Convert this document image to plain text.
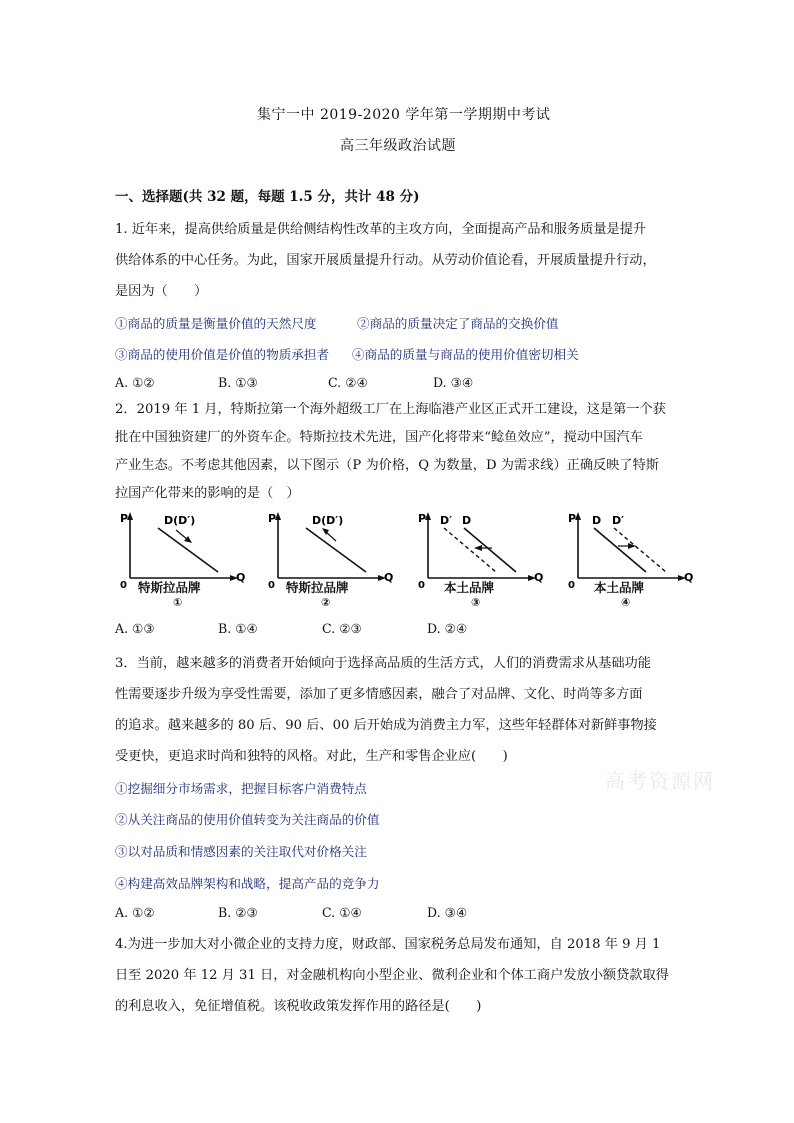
集宁一中 2019-2020 学年第一学期期中考试
高三年级政治试题
一、选择题(共 32 题，每题 1.5 分，共计 48 分)
1. 近年来，提高供给质量是供给侧结构性改革的主攻方向，全面提高产品和服务质量是提升
供给体系的中心任务。为此，国家开展质量提升行动。从劳动价值论看，开展质量提升行动，
是因为（　　）
①商品的质量是衡量价值的天然尺度	②商品的质量决定了商品的交换价值
③商品的使用价值是价值的物质承担者 ④商品的质量与商品的使用价值密切相关
A. ①②	B. ①③	C. ②④	D. ③④
2．2019 年 1 月，特斯拉第一个海外超级工厂在上海临港产业区正式开工建设，这是第一个获
批在中国独资建厂的外资车企。特斯拉技术先进，国产化将带来“鲶鱼效应”，搅动中国汽车
产业生态。不考虑其他因素，以下图示（P 为价格，Q 为数量，D 为需求线）正确反映了特斯
拉国产化带来的影响的是（　）
P
Q
0
D(D′)
特斯拉品牌
①
P
Q
0
D(D′)
特斯拉品牌
②
P
Q
0
D′ D
本土品牌
③
P
Q
0
D D′
本土品牌
④
A. ①③	B. ①④	C. ②③	D. ②④
3．当前，越来越多的消费者开始倾向于选择高品质的生活方式，人们的消费需求从基础功能
性需要逐步升级为享受性需要，添加了更多情感因素，融合了对品牌、文化、时尚等多方面
的追求。越来越多的 80 后、90 后、00 后开始成为消费主力军，这些年轻群体对新鲜事物接
受更快，更追求时尚和独特的风格。对此，生产和零售企业应(　　)
①挖掘细分市场需求，把握目标客户消费特点
②从关注商品的使用价值转变为关注商品的价值
③以对品质和情感因素的关注取代对价格关注
④构建高效品牌架构和战略，提高产品的竞争力
A. ①②	B. ②③	C. ①④	D. ③④
高考资源网
4.为进一步加大对小微企业的支持力度，财政部、国家税务总局发布通知，自 2018 年 9 月 1
日至 2020 年 12 月 31 日，对金融机构向小型企业、微利企业和个体工商户发放小额贷款取得
的利息收入，免征增值税。该税收政策发挥作用的路径是(　　)
